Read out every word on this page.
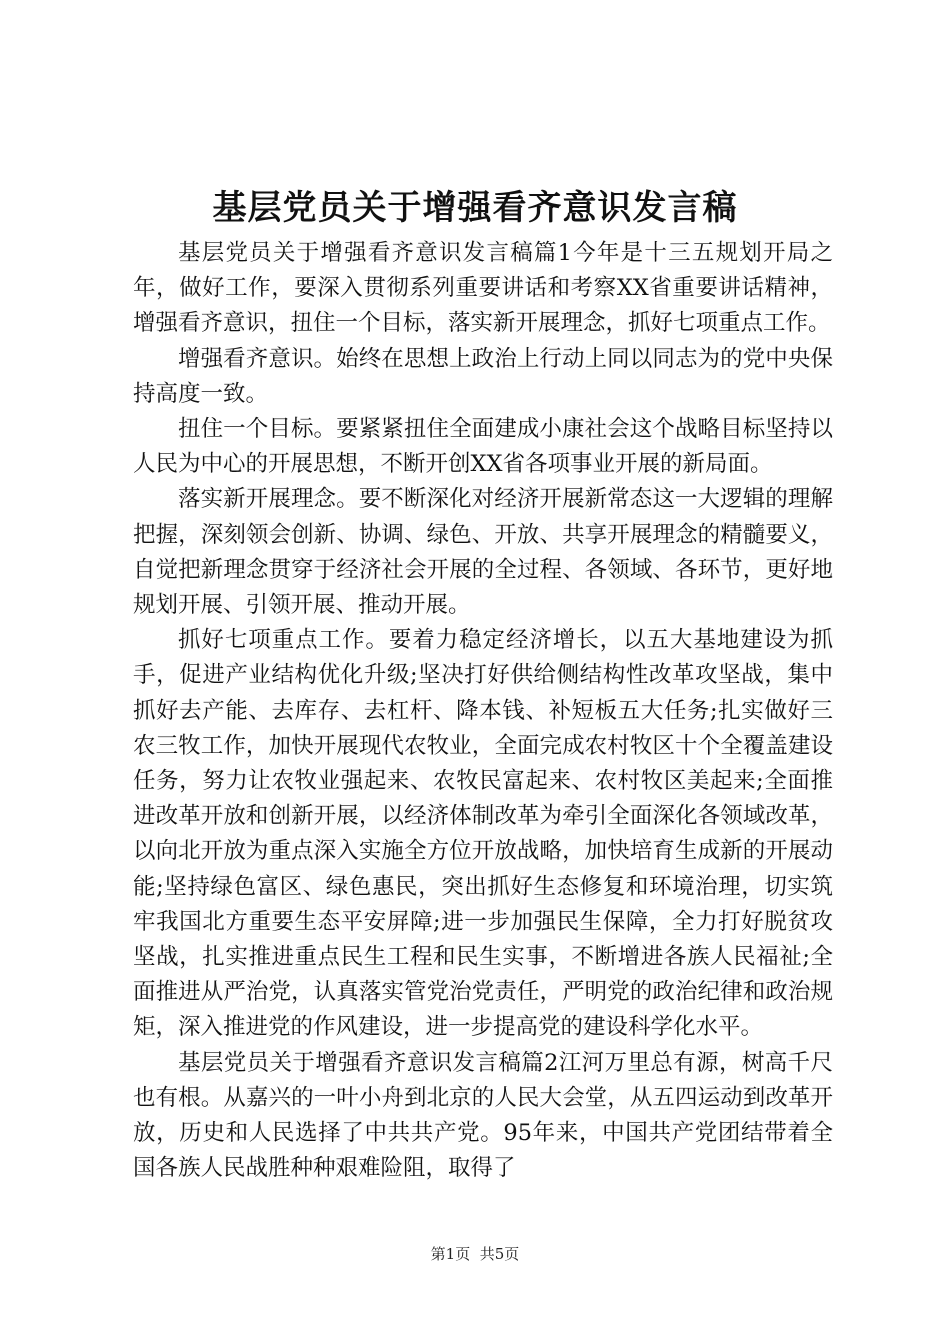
基层党员关于增强看齐意识发言稿

基层党员关于增强看齐意识发言稿篇1今年是十三五规划开局之年，做好工作，要深入贯彻系列重要讲话和考察XX省重要讲话精神，增强看齐意识，扭住一个目标，落实新开展理念，抓好七项重点工作。

增强看齐意识。始终在思想上政治上行动上同以同志为的党中央保持高度一致。

扭住一个目标。要紧紧扭住全面建成小康社会这个战略目标坚持以人民为中心的开展思想，不断开创XX省各项事业开展的新局面。

落实新开展理念。要不断深化对经济开展新常态这一大逻辑的理解把握，深刻领会创新、协调、绿色、开放、共享开展理念的精髓要义，自觉把新理念贯穿于经济社会开展的全过程、各领域、各环节，更好地规划开展、引领开展、推动开展。

抓好七项重点工作。要着力稳定经济增长，以五大基地建设为抓手，促进产业结构优化升级;坚决打好供给侧结构性改革攻坚战，集中抓好去产能、去库存、去杠杆、降本钱、补短板五大任务;扎实做好三农三牧工作，加快开展现代农牧业，全面完成农村牧区十个全覆盖建设任务，努力让农牧业强起来、农牧民富起来、农村牧区美起来;全面推进改革开放和创新开展，以经济体制改革为牵引全面深化各领域改革，以向北开放为重点深入实施全方位开放战略，加快培育生成新的开展动能;坚持绿色富区、绿色惠民，突出抓好生态修复和环境治理，切实筑牢我国北方重要生态平安屏障;进一步加强民生保障，全力打好脱贫攻坚战，扎实推进重点民生工程和民生实事，不断增进各族人民福祉;全面推进从严治党，认真落实管党治党责任，严明党的政治纪律和政治规矩，深入推进党的作风建设，进一步提高党的建设科学化水平。

基层党员关于增强看齐意识发言稿篇2江河万里总有源，树高千尺也有根。从嘉兴的一叶小舟到北京的人民大会堂，从五四运动到改革开放，历史和人民选择了中共共产党。95年来，中国共产党团结带着全国各族人民战胜种种艰难险阻，取得了

第1页 共5页
